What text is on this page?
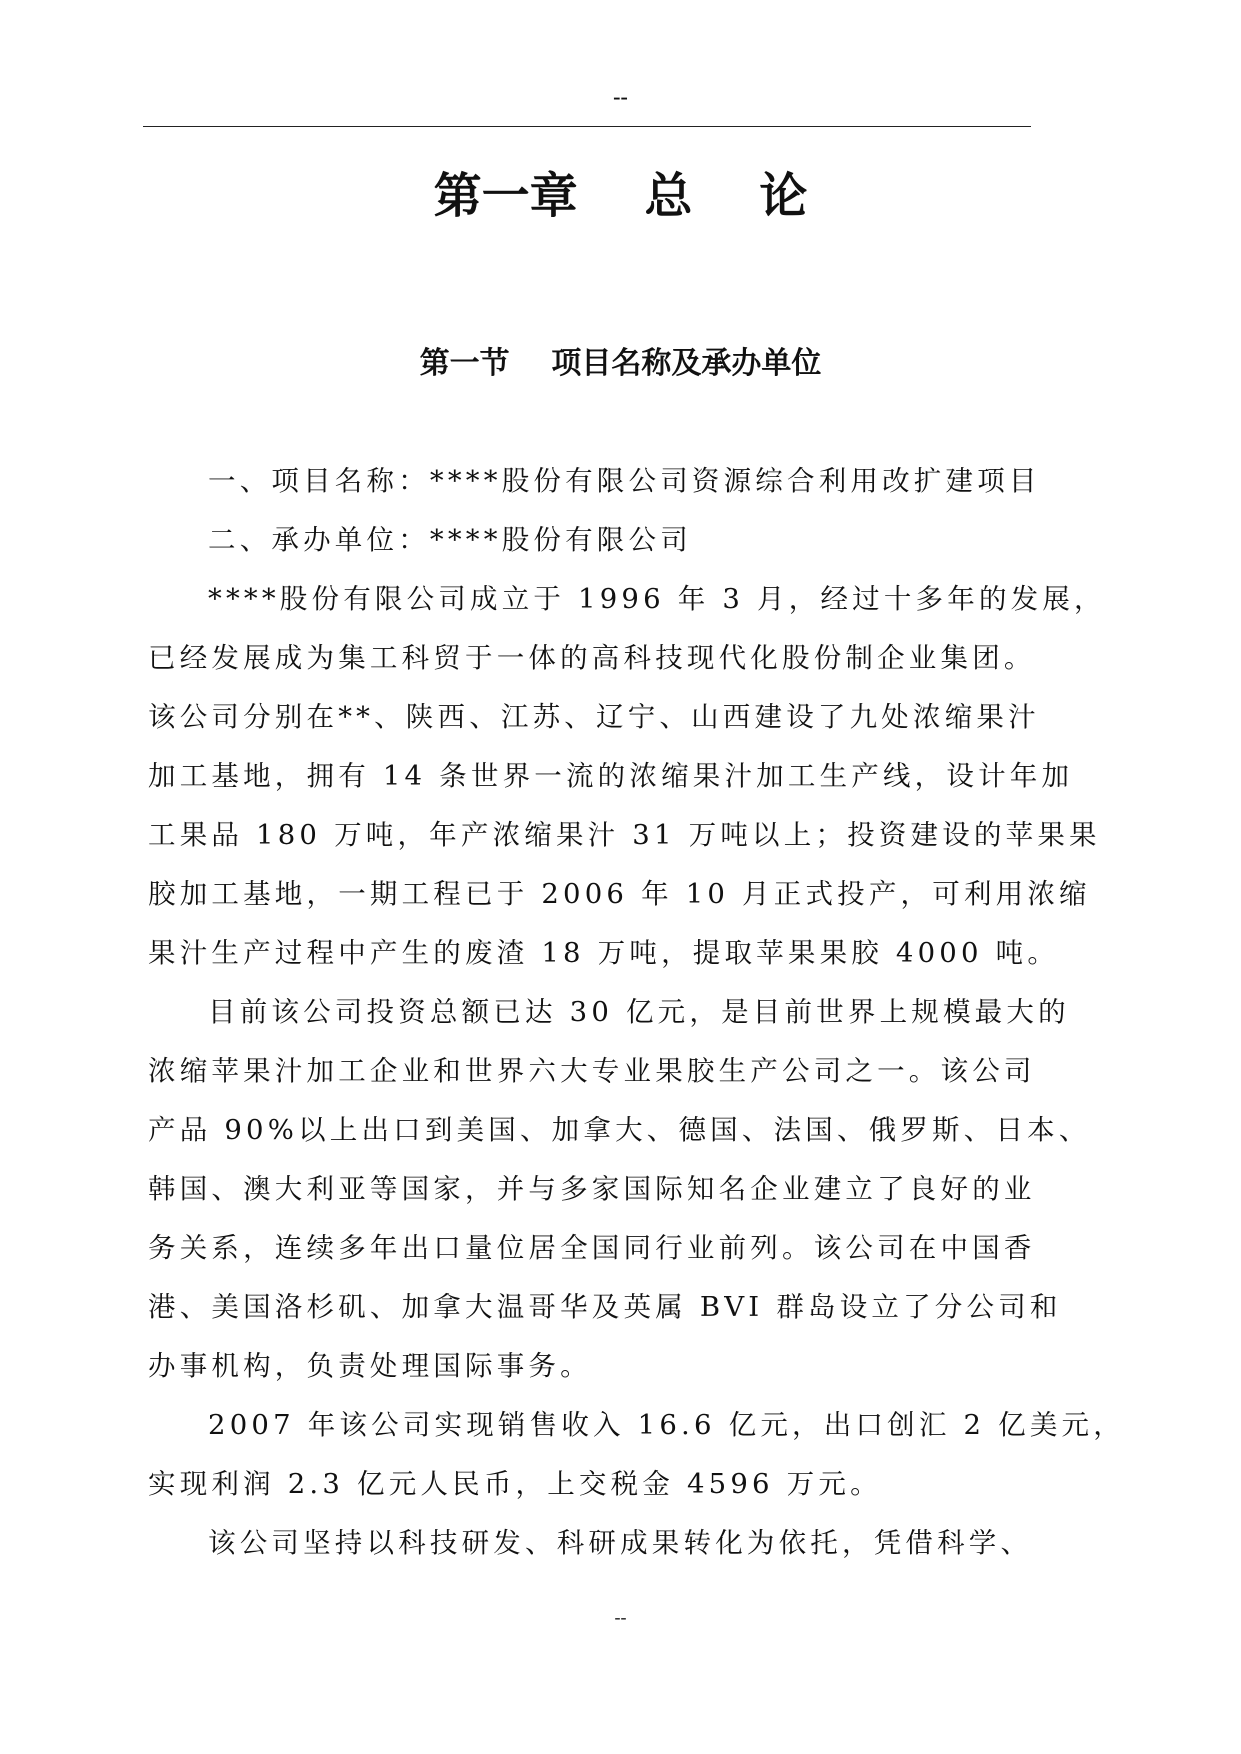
--
第一章    总    论
第一节    项目名称及承办单位
一、项目名称：****股份有限公司资源综合利用改扩建项目
二、承办单位：****股份有限公司
****股份有限公司成立于 1996 年 3 月，经过十多年的发展，
已经发展成为集工科贸于一体的高科技现代化股份制企业集团。
该公司分别在**、陕西、江苏、辽宁、山西建设了九处浓缩果汁
加工基地，拥有 14 条世界一流的浓缩果汁加工生产线，设计年加
工果品 180 万吨，年产浓缩果汁 31 万吨以上；投资建设的苹果果
胶加工基地，一期工程已于 2006 年 10 月正式投产，可利用浓缩
果汁生产过程中产生的废渣 18 万吨，提取苹果果胶 4000 吨。
目前该公司投资总额已达 30 亿元，是目前世界上规模最大的
浓缩苹果汁加工企业和世界六大专业果胶生产公司之一。该公司
产品 90%以上出口到美国、加拿大、德国、法国、俄罗斯、日本、
韩国、澳大利亚等国家，并与多家国际知名企业建立了良好的业
务关系，连续多年出口量位居全国同行业前列。该公司在中国香
港、美国洛杉矶、加拿大温哥华及英属 BVI 群岛设立了分公司和
办事机构，负责处理国际事务。
2007 年该公司实现销售收入 16.6 亿元，出口创汇 2 亿美元，
实现利润 2.3 亿元人民币，上交税金 4596 万元。
该公司坚持以科技研发、科研成果转化为依托，凭借科学、
--
